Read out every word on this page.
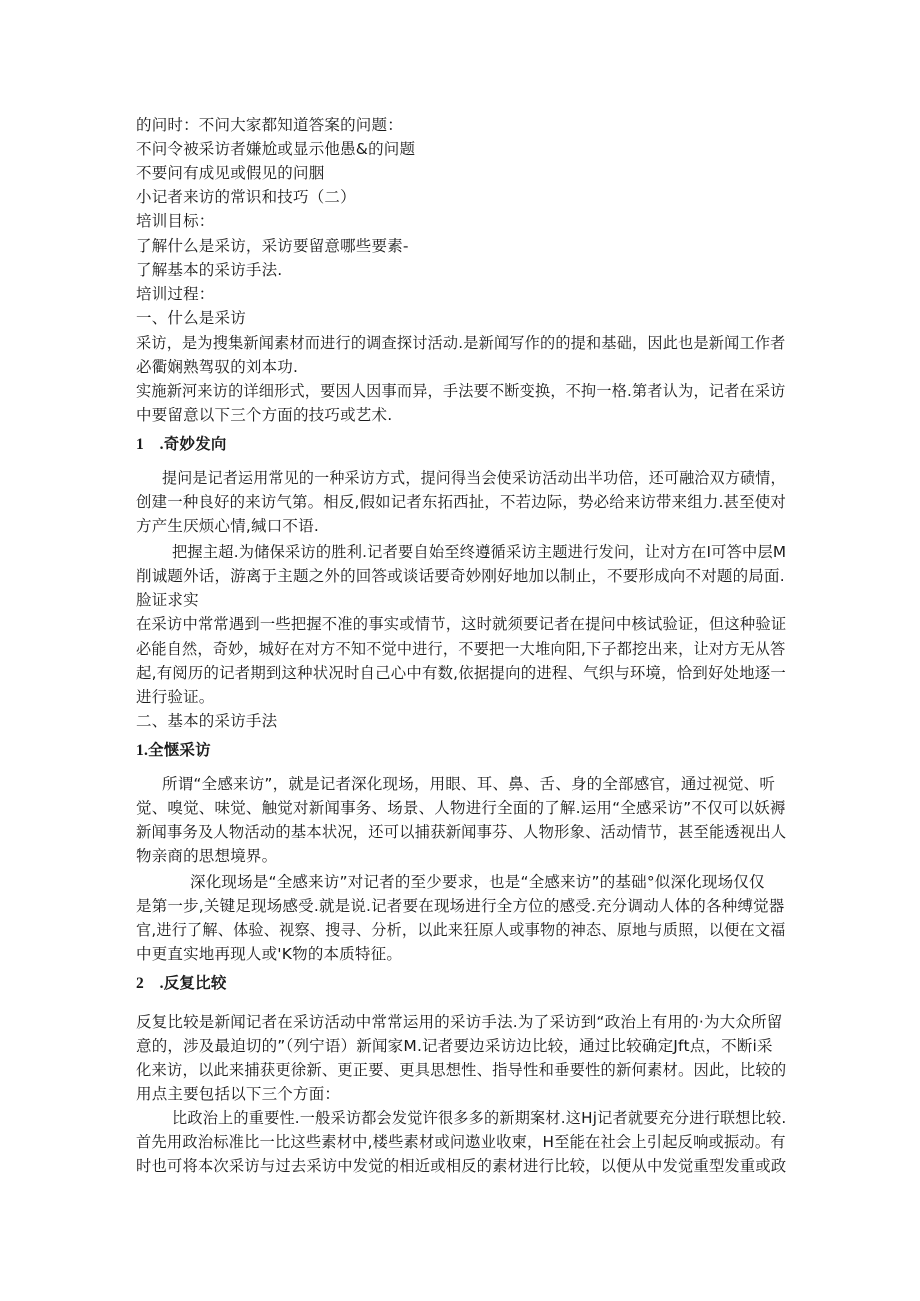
的问时：不问大家都知道答案的问题：

不问令被采访者嫌尬或显示他愚&的问题

不要问有成见或假见的问胭

小记者来访的常识和技巧（二）

培训目标：

了解什么是采访，采访要留意哪些要素-

了解基本的采访手法.

培训过程：

一、什么是采访

采访，是为搜集新闻素材而进行的调查探讨活动.是新闻写作的的提和基础，因此也是新闻工作者

必衢娴熟驾驭的刘本功.

实施新河来访的详细形式，要因人因事而异，手法要不断变换，不拘一格.第者认为，记者在采访

中要留意以下三个方面的技巧或艺术.

1　.奇妙发向

提问是记者运用常见的一种采访方式，提问得当会使采访活动出半功倍，还可融洽双方碛情，

创建一种良好的来访气第。相反,假如记者东拓西扯，不若边际，势必给来访带来组力.甚至使对

方产生厌烦心情,缄口不语.

把握主超.为储保采访的胜利.记者要自始至终遵循采访主题进行发问，让对方在I可答中层M

削诚题外话，游离于主题之外的回答或谈话要奇妙刚好地加以制止，不要形成向不对题的局面.

脸证求实

在采访中常常遇到一些把握不准的事实或情节，这时就须要记者在提问中核试验证，但这种验证

必能自然，奇妙，城好在对方不知不觉中进行，不要把一大堆向阳,下子都挖出来，让对方无从答

起,有阅历的记者期到这种状况时自己心中有数,依据提向的进程、气织与环境，恰到好处地逐一

进行验证。

二、基本的采访手法

1.全惬采访

所谓“全感来访”，就是记者深化现场，用眼、耳、鼻、舌、身的全部感官，通过视觉、听

觉、嗅觉、味觉、触觉对新闻事务、场景、人物进行全面的了解.运用“全感采访”不仅可以妖褥

新闻事务及人物活动的基本状况，还可以捕获新闻事芬、人物形象、活动情节，甚至能透视出人

物亲商的思想境界。

深化现场是“全感来访”对记者的至少要求，也是“全感来访”的基础°似深化现场仅仅

是第一步,关键足现场感受.就是说.记者要在现场进行全方位的感受.充分调动人体的各种缚觉器

官,进行了解、体验、视察、搜寻、分析，以此来狂原人或事物的神态、原地与质照，以便在文福

中更直实地再现人或'K物的本质特征。

2　.反复比较

反复比较是新闻记者在采访活动中常常运用的采访手法.为了采访到“政治上有用的·为大众所留

意的，涉及最迫切的”（列宁语）新闻家M.记者要边采访边比较，通过比较确定Jft点，不断i采

化来访，以此来捕获更徐新、更正要、更具思想性、指导性和垂要性的新何素材。因此，比较的

用点主要包括以下三个方面：

比政治上的重要性.一般采访都会发觉许很多多的新期案材.这Hj记者就要充分进行联想比较.

首先用政治标准比一比这些素材中,楼些素材或问遨业收柬，H至能在社会上引起反响或振动。有

时也可将本次采访与过去采访中发觉的相近或相反的素材进行比较，以便从中发觉重型发重或政
